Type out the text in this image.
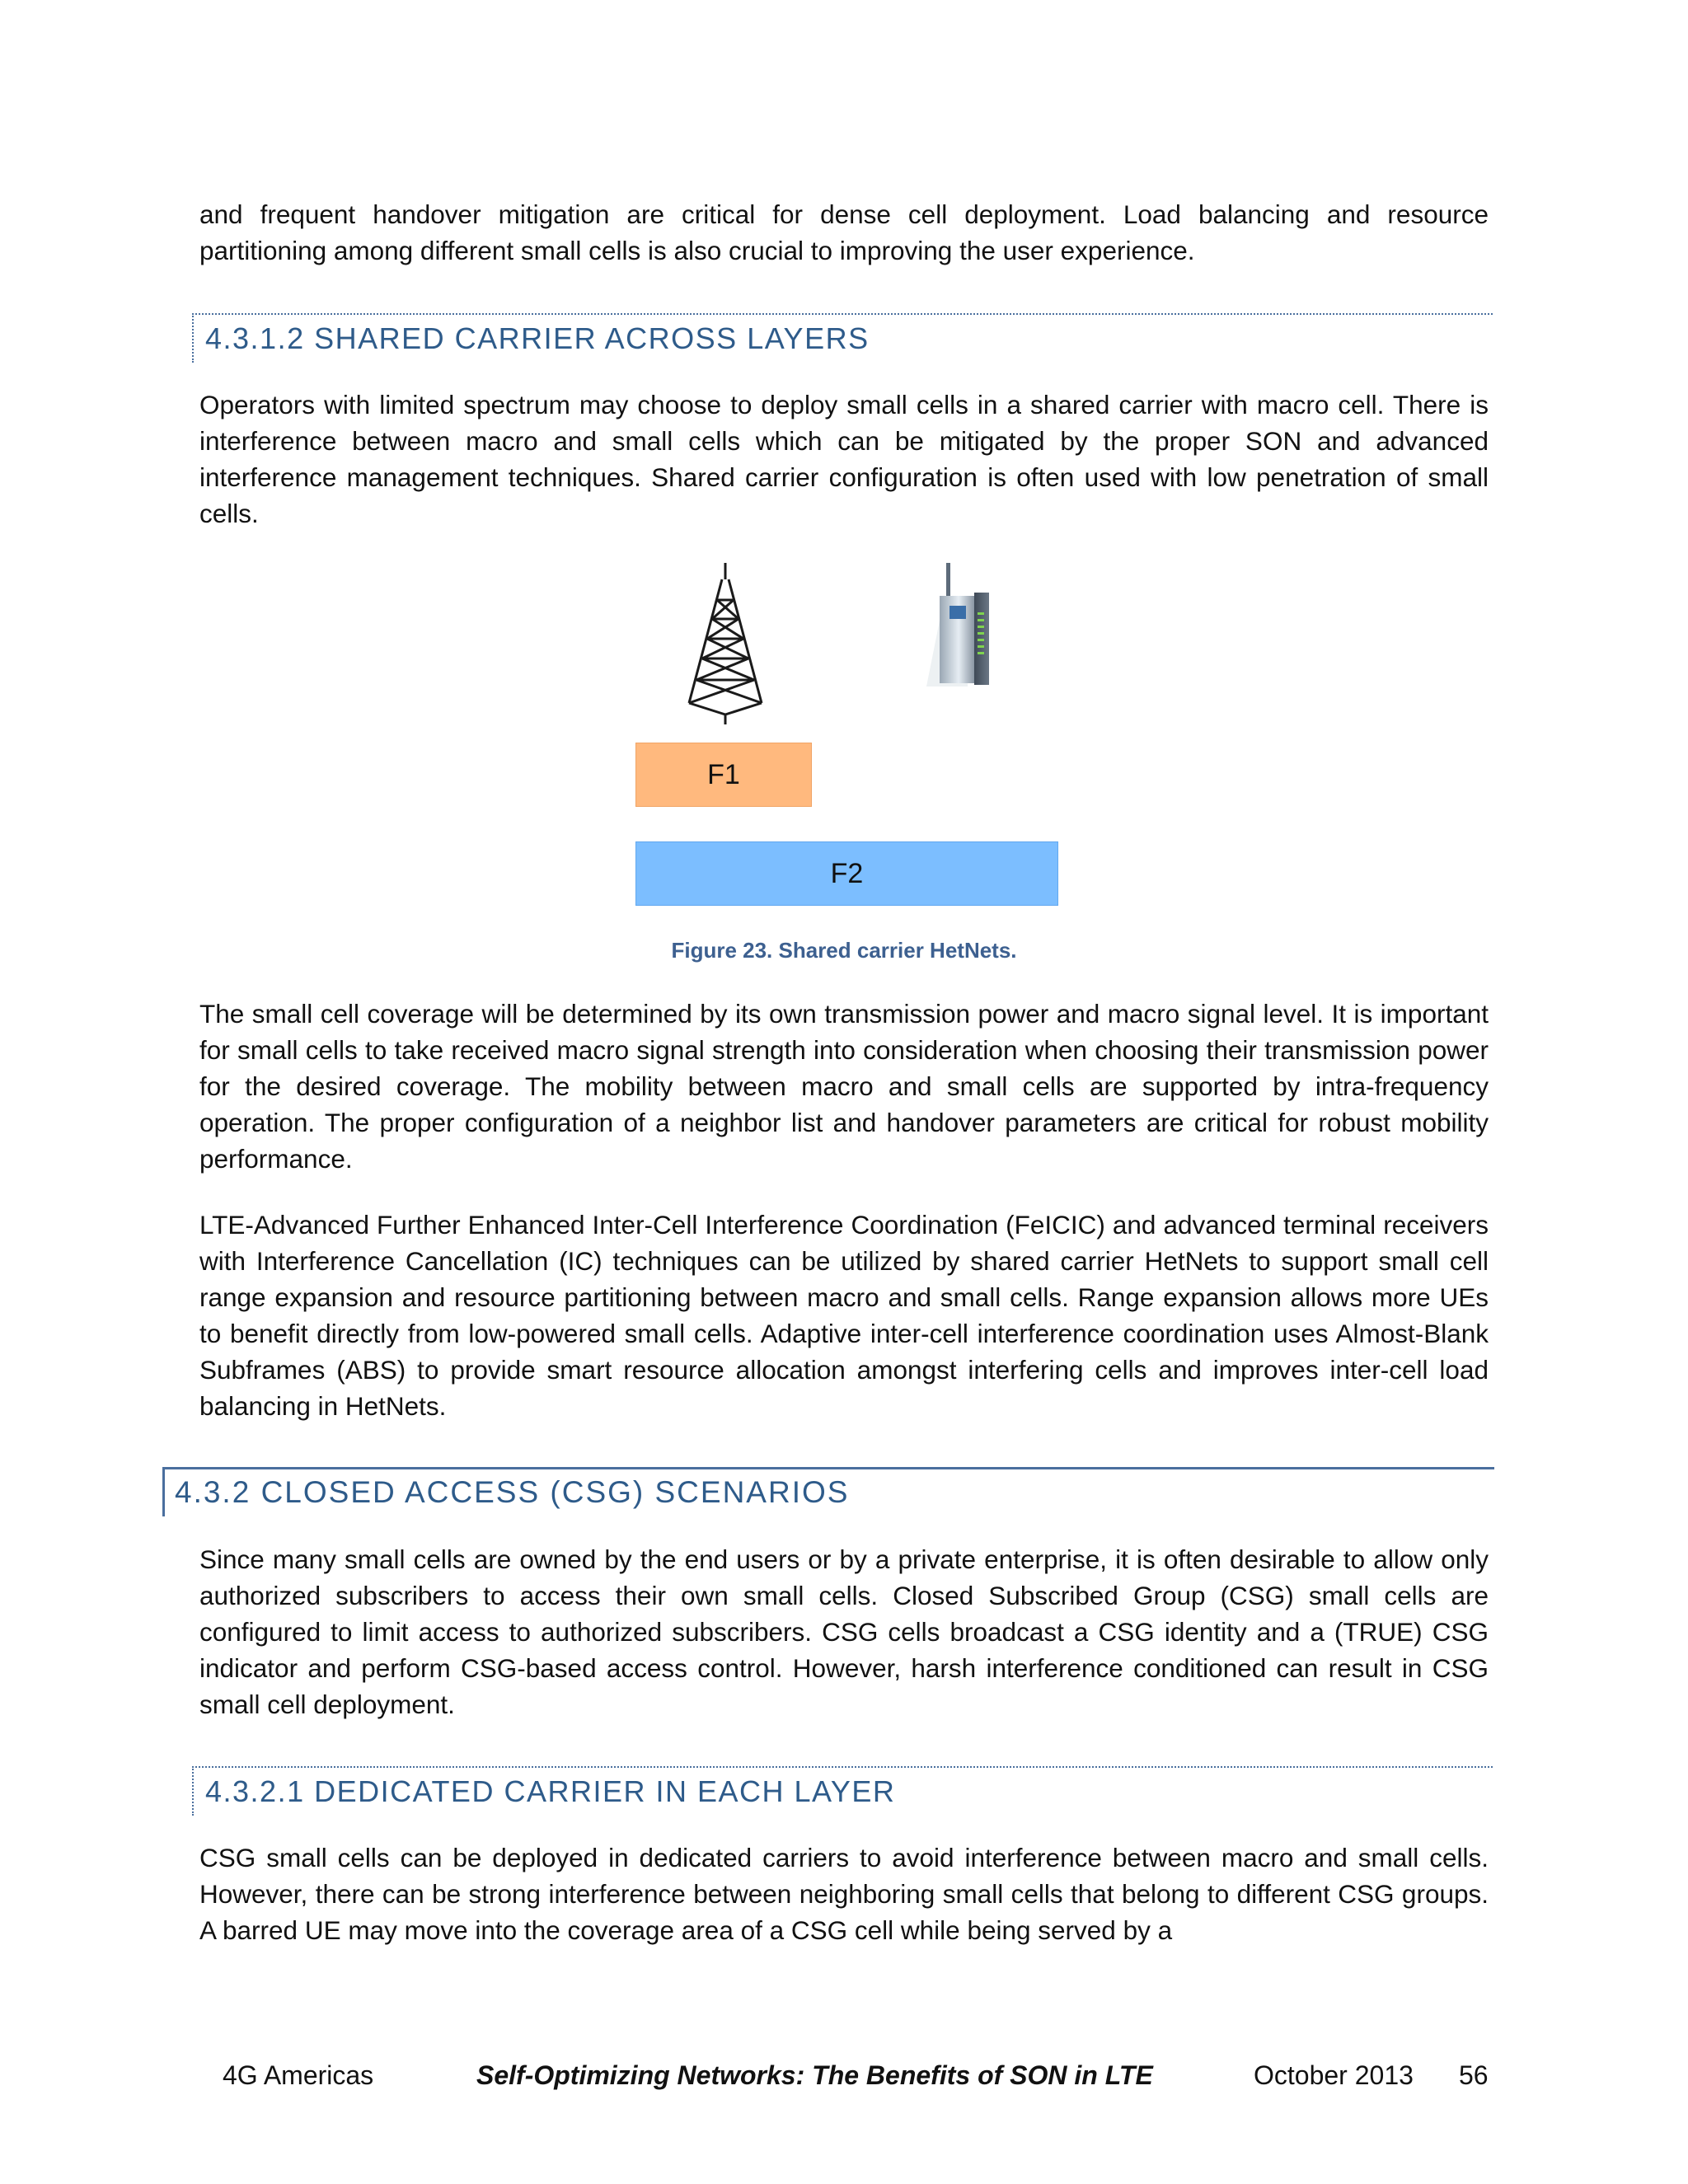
and frequent handover mitigation are critical for dense cell deployment. Load balancing and resource partitioning among different small cells is also crucial to improving the user experience.

4.3.1.2 SHARED CARRIER ACROSS LAYERS

Operators with limited spectrum may choose to deploy small cells in a shared carrier with macro cell. There is interference between macro and small cells which can be mitigated by the proper SON and advanced interference management techniques. Shared carrier configuration is often used with low penetration of small cells.

F1
F2
Figure 23. Shared carrier HetNets.

The small cell coverage will be determined by its own transmission power and macro signal level. It is important for small cells to take received macro signal strength into consideration when choosing their transmission power for the desired coverage. The mobility between macro and small cells are supported by intra-frequency operation. The proper configuration of a neighbor list and handover parameters are critical for robust mobility performance.

LTE-Advanced Further Enhanced Inter-Cell Interference Coordination (FeICIC) and advanced terminal receivers with Interference Cancellation (IC) techniques can be utilized by shared carrier HetNets to support small cell range expansion and resource partitioning between macro and small cells. Range expansion allows more UEs to benefit directly from low-powered small cells. Adaptive inter-cell interference coordination uses Almost-Blank Subframes (ABS) to provide smart resource allocation amongst interfering cells and improves inter-cell load balancing in HetNets.

4.3.2 CLOSED ACCESS (CSG) SCENARIOS

Since many small cells are owned by the end users or by a private enterprise, it is often desirable to allow only authorized subscribers to access their own small cells. Closed Subscribed Group (CSG) small cells are configured to limit access to authorized subscribers. CSG cells broadcast a CSG identity and a (TRUE) CSG indicator and perform CSG-based access control. However, harsh interference conditioned can result in CSG small cell deployment.

4.3.2.1 DEDICATED CARRIER IN EACH LAYER

CSG small cells can be deployed in dedicated carriers to avoid interference between macro and small cells. However, there can be strong interference between neighboring small cells that belong to different CSG groups. A barred UE may move into the coverage area of a CSG cell while being served by a

4G Americas	Self-Optimizing Networks: The Benefits of SON in LTE	October 2013 56
